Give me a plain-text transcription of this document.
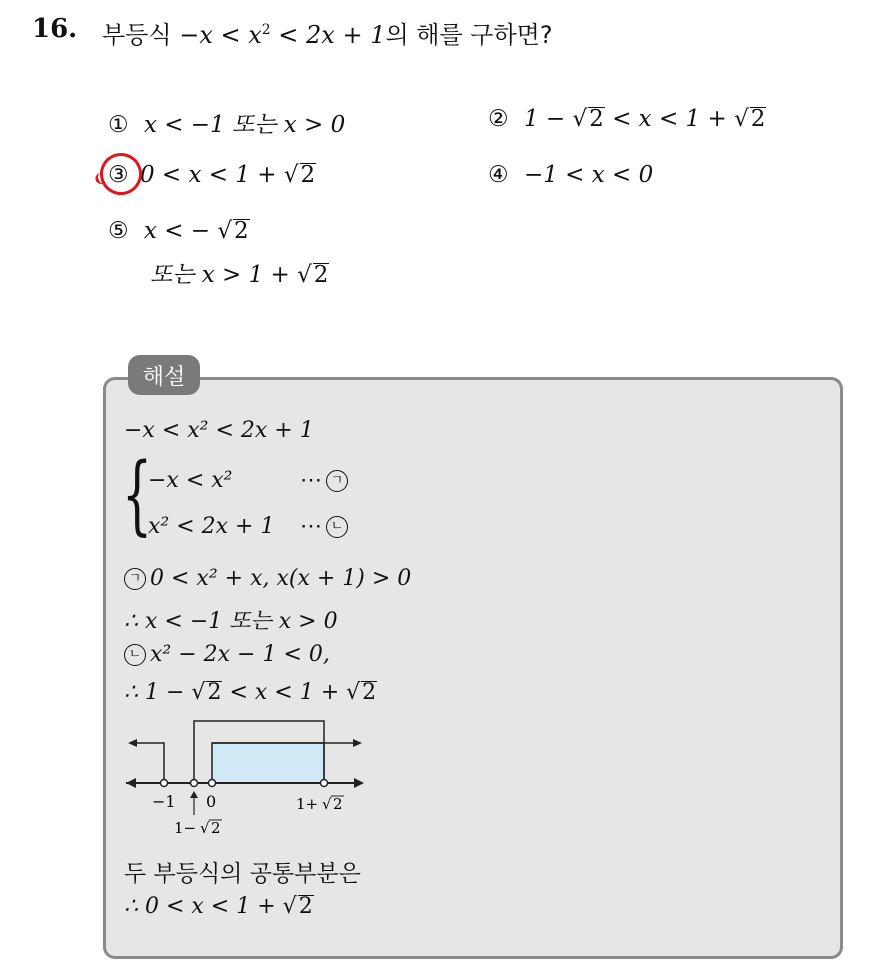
16. 부등식 $-x < x^2 < 2x + 1$의 해를 구하면?
① x < −1 또는 x > 0	② 1 − √2 < x < 1 + √2
③ 0 < x < 1 + √2	④ −1 < x < 0
⑤ x < − √2
또는 x > 1 + √2
해설
−x < x² < 2x + 1
{
−x < x²	⋯ ㄱ
x² < 2x + 1 ⋯ ㄴ
ㄱ 0 < x² + x, x(x + 1) > 0
∴ x < −1 또는 x > 0
ㄴ x² − 2x − 1 < 0,
∴ 1 − √2 < x < 1 + √2
−1 0	1+ √ 2
1− √ 2
두 부등식의 공통부분은
∴ 0 < x < 1 + √2
